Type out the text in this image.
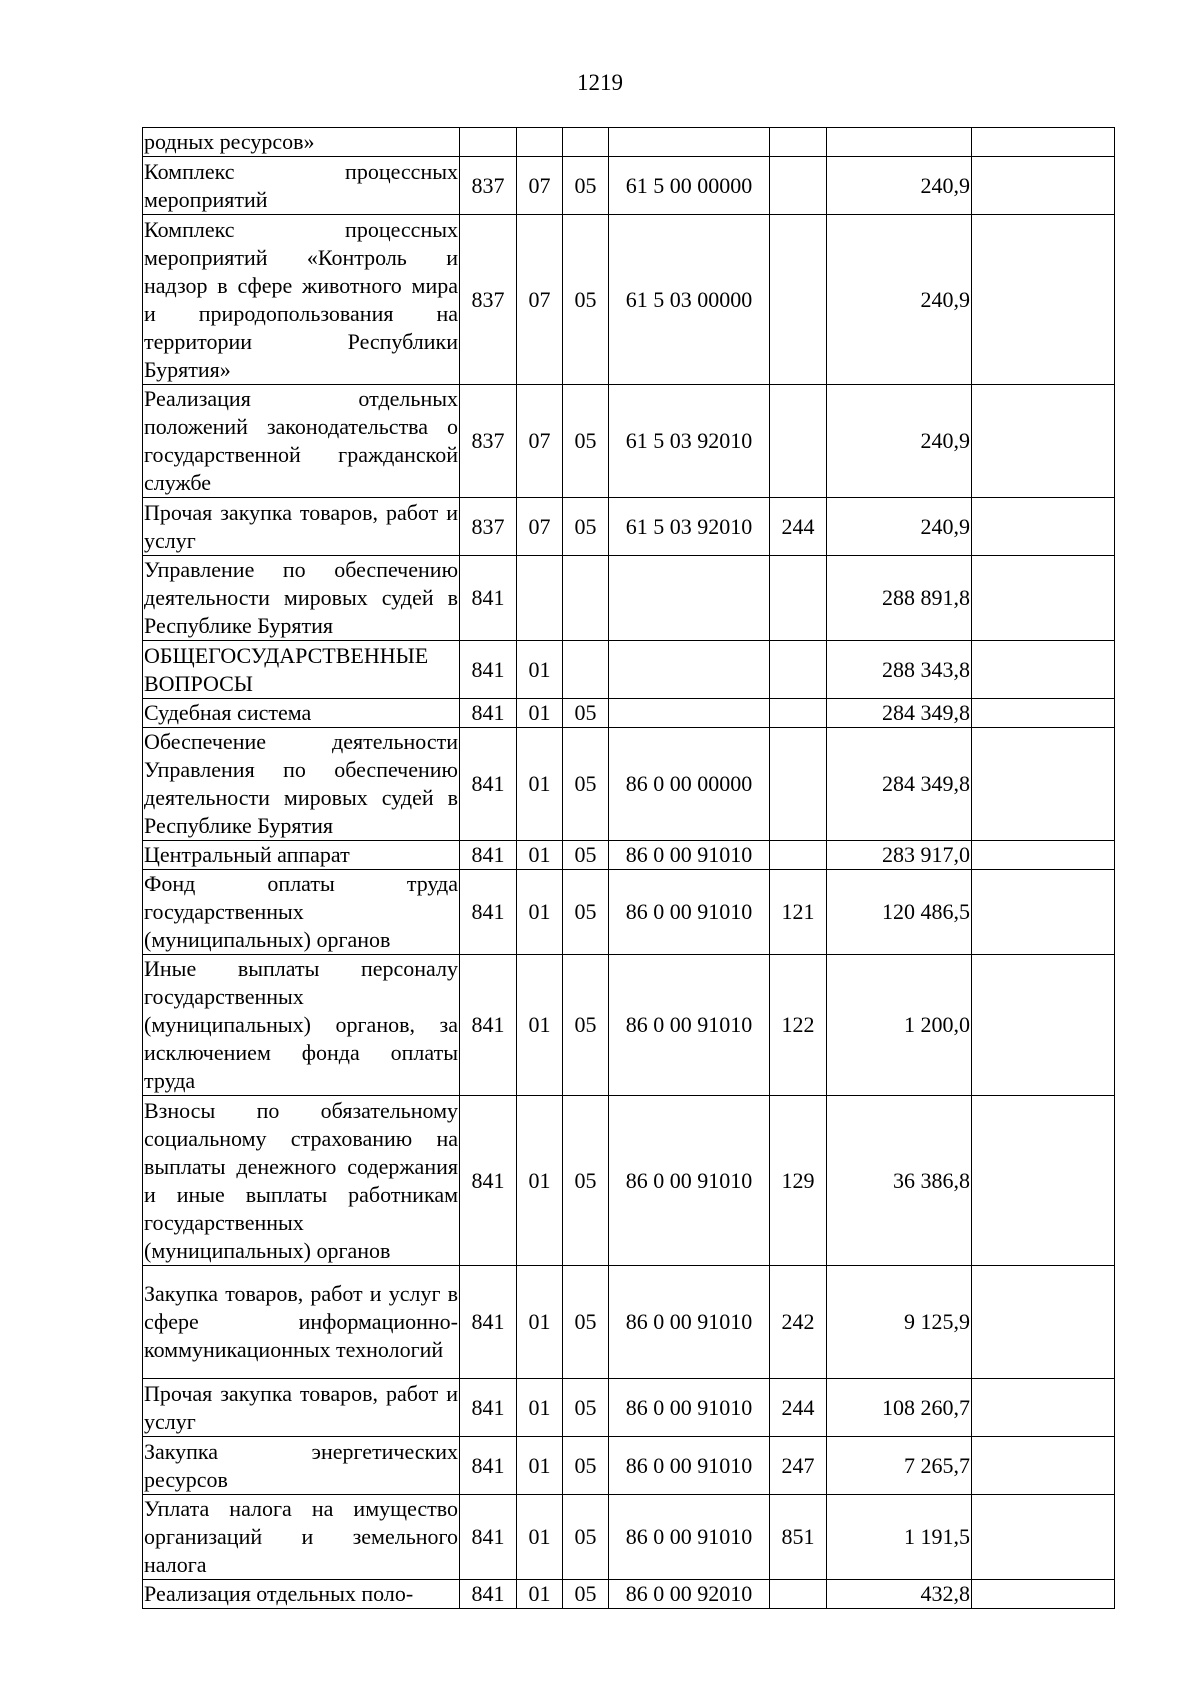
1219
родных ресурсов»							
Комплекс процессных мероприятий	837	07	05	61 5 00 00000		240,9	
Комплекс процессных мероприятий «Контроль и надзор в сфере животного мира и природопользования на территории Республики Бурятия»	837	07	05	61 5 03 00000		240,9	
Реализация отдельных положений законодательства о государственной гражданской службе	837	07	05	61 5 03 92010		240,9	
Прочая закупка товаров, работ и услуг	837	07	05	61 5 03 92010	244	240,9	
Управление по обеспечению деятельности мировых судей в Республике Бурятия	841					288 891,8	
ОБЩЕГОСУДАРСТВЕННЫЕ ВОПРОСЫ	841	01				288 343,8	
Судебная система	841	01	05			284 349,8	
Обеспечение деятельности Управления по обеспечению деятельности мировых судей в Республике Бурятия	841	01	05	86 0 00 00000		284 349,8	
Центральный аппарат	841	01	05	86 0 00 91010		283 917,0	
Фонд оплаты труда государственных (муниципальных) органов	841	01	05	86 0 00 91010	121	120 486,5	
Иные выплаты персоналу государственных (муниципальных) органов, за исключением фонда оплаты труда	841	01	05	86 0 00 91010	122	1 200,0	
Взносы по обязательному социальному страхованию на выплаты денежного содержания и иные выплаты работникам государственных (муниципальных) органов	841	01	05	86 0 00 91010	129	36 386,8	
Закупка товаров, работ и услуг в сфере информационно-коммуникационных технологий	841	01	05	86 0 00 91010	242	9 125,9	
Прочая закупка товаров, работ и услуг	841	01	05	86 0 00 91010	244	108 260,7	
Закупка энергетических ресурсов	841	01	05	86 0 00 91010	247	7 265,7	
Уплата налога на имущество организаций и земельного налога	841	01	05	86 0 00 91010	851	1 191,5	
Реализация отдельных поло-	841	01	05	86 0 00 92010		432,8	
